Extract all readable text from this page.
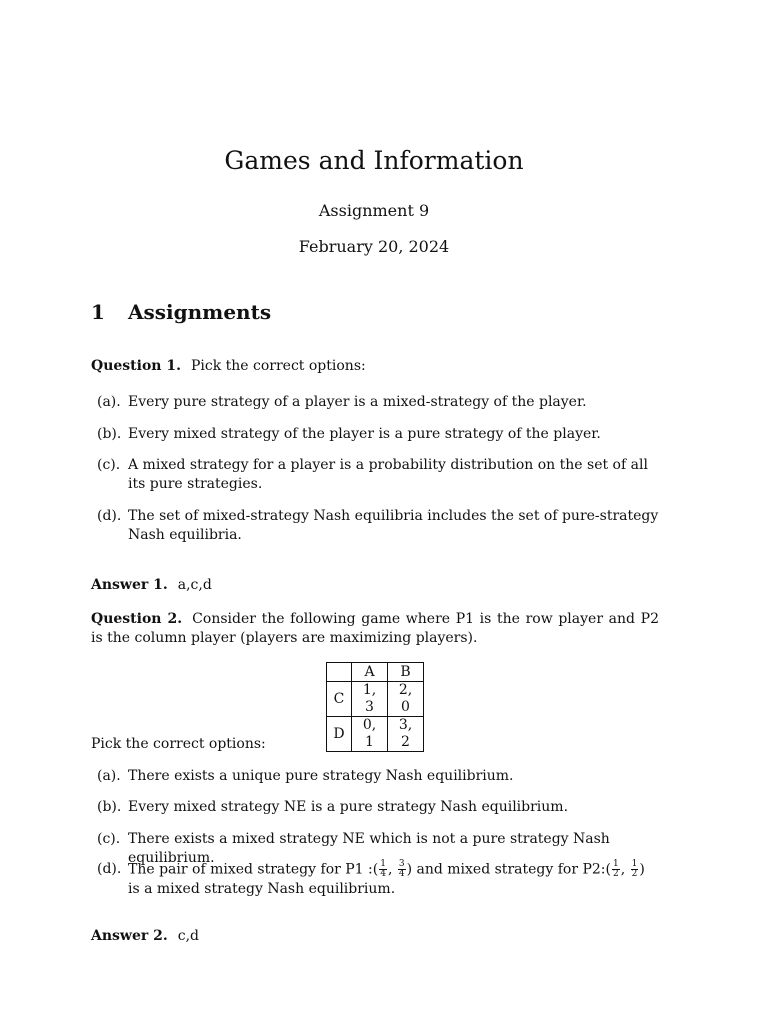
Games and Information
Assignment 9
February 20, 2024
1 Assignments

Question 1. Pick the correct options:

(a). Every pure strategy of a player is a mixed-strategy of the player.
(b). Every mixed strategy of the player is a pure strategy of the player.
(c). A mixed strategy for a player is a probability distribution on the set of all its pure strategies.
(d). The set of mixed-strategy Nash equilibria includes the set of pure-strategy Nash equilibria.

Answer 1. a,c,d

Question 2. Consider the following game where P1 is the row player and P2 is the column player (players are maximizing players).

	A	B
C	1, 3	2, 0
D	0, 1	3, 2

Pick the correct options:

(a). There exists a unique pure strategy Nash equilibrium.
(b). Every mixed strategy NE is a pure strategy Nash equilibrium.
(c). There exists a mixed strategy NE which is not a pure strategy Nash equilibrium.
(d). The pair of mixed strategy for P1 :( $\frac{1}{4}$ , $\frac{3}{4}$ ) and mixed strategy for P2:( $\frac{1}{2}$ , $\frac{1}{2}$ ) is a mixed strategy Nash equilibrium.

Answer 2. c,d
